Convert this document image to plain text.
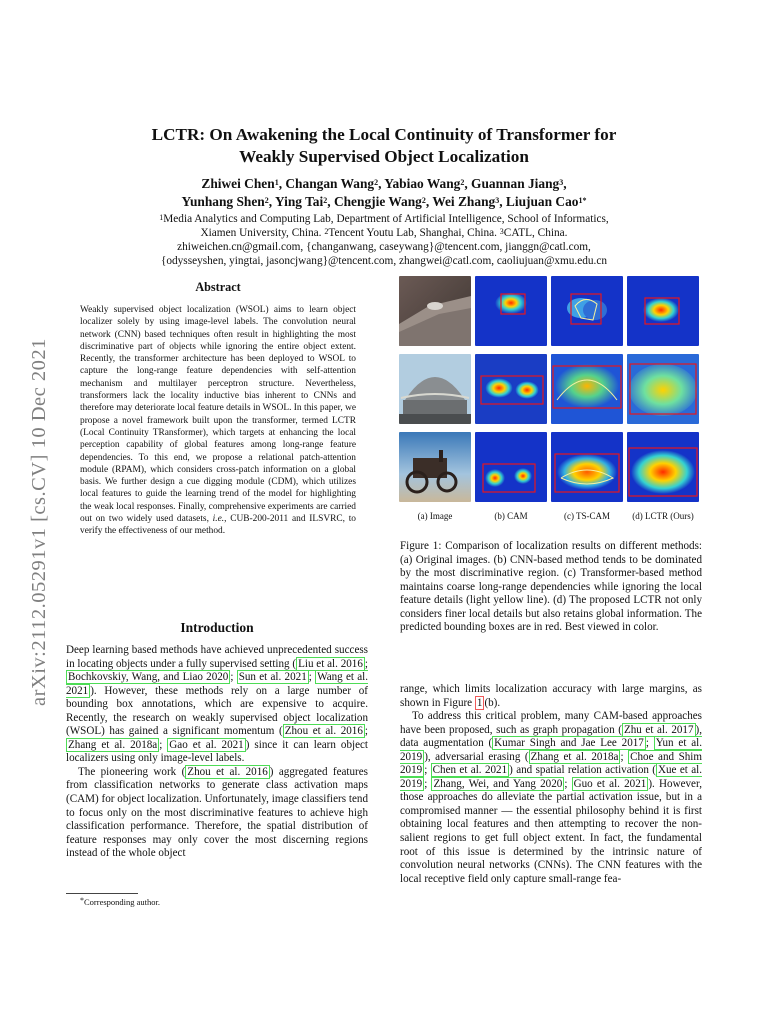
arXiv:2112.05291v1 [cs.CV] 10 Dec 2021
LCTR: On Awakening the Local Continuity of Transformer for
Weakly Supervised Object Localization
Zhiwei Chen$^1$, Changan Wang$^2$, Yabiao Wang$^2$, Guannan Jiang$^3$,
Yunhang Shen$^2$, Ying Tai$^2$, Chengjie Wang$^2$, Wei Zhang$^3$, Liujuan Cao$^{1*}$
$^1$Media Analytics and Computing Lab, Department of Artificial Intelligence, School of Informatics,
Xiamen University, China. $^2$Tencent Youtu Lab, Shanghai, China. $^3$CATL, China.
zhiweichen.cn@gmail.com, {changanwang, caseywang}@tencent.com, jianggn@catl.com,
{odysseyshen, yingtai, jasoncjwang}@tencent.com, zhangwei@catl.com, caoliujuan@xmu.edu.cn
Abstract
Weakly supervised object localization (WSOL) aims to learn object localizer solely by using image-level labels. The convolution neural network (CNN) based techniques often result in highlighting the most discriminative part of objects while ignoring the entire object extent. Recently, the transformer architecture has been deployed to WSOL to capture the long-range feature dependencies with self-attention mechanism and multilayer perceptron structure. Nevertheless, transformers lack the locality inductive bias inherent to CNNs and therefore may deteriorate local feature details in WSOL. In this paper, we propose a novel framework built upon the transformer, termed LCTR (Local Continuity TRansformer), which targets at enhancing the local perception capability of global features among long-range feature dependencies. To this end, we propose a relational patch-attention module (RPAM), which considers cross-patch information on a global basis. We further design a cue digging module (CDM), which utilizes local features to guide the learning trend of the model for highlighting the weak local responses. Finally, comprehensive experiments are carried out on two widely used datasets, i.e., CUB-200-2011 and ILSVRC, to verify the effectiveness of our method.
Introduction

Deep learning based methods have achieved unprecedented success in locating objects under a fully supervised setting ( Liu et al. 2016 ; Bochkovskiy, Wang, and Liao 2020 ; Sun et al. 2021 ; Wang et al. 2021 ). However, these methods rely on a large number of bounding box annotations, which are expensive to acquire. Recently, the research on weakly supervised object localization (WSOL) has gained a significant momentum ( Zhou et al. 2016 ; Zhang et al. 2018a ; Gao et al. 2021 ) since it can learn object localizers using only image-level labels.

The pioneering work ( Zhou et al. 2016 ) aggregated features from classification networks to generate class activation maps (CAM) for object localization. Unfortunately, image classifiers tend to focus only on the most discriminative features to achieve high classification performance. Therefore, the spatial distribution of feature responses may only cover the most discerning regions instead of the whole object

*Corresponding author.
(a) Image	(b) CAM	(c) TS-CAM	(d) LCTR (Ours)
Figure 1: Comparison of localization results on different methods: (a) Original images. (b) CNN-based method tends to be dominated by the most discriminative region. (c) Transformer-based method maintains coarse long-range dependencies while ignoring the local feature details (light yellow line). (d) The proposed LCTR not only considers finer local details but also retains global information. The predicted bounding boxes are in red. Best viewed in color.

range, which limits localization accuracy with large margins, as shown in Figure 1 (b).

To address this critical problem, many CAM-based approaches have been proposed, such as graph propagation ( Zhu et al. 2017 ), data augmentation ( Kumar Singh and Jae Lee 2017 ; Yun et al. 2019 ), adversarial erasing ( Zhang et al. 2018a ; Choe and Shim 2019 ; Chen et al. 2021 ) and spatial relation activation ( Xue et al. 2019 ; Zhang, Wei, and Yang 2020 ; Guo et al. 2021 ). However, those approaches do alleviate the partial activation issue, but in a compromised manner — the essential philosophy behind it is first obtaining local features and then attempting to recover the non-salient regions to get full object extent. In fact, the fundamental root of this issue is determined by the intrinsic nature of convolution neural networks (CNNs). The CNN features with the local receptive field only capture small-range fea-
